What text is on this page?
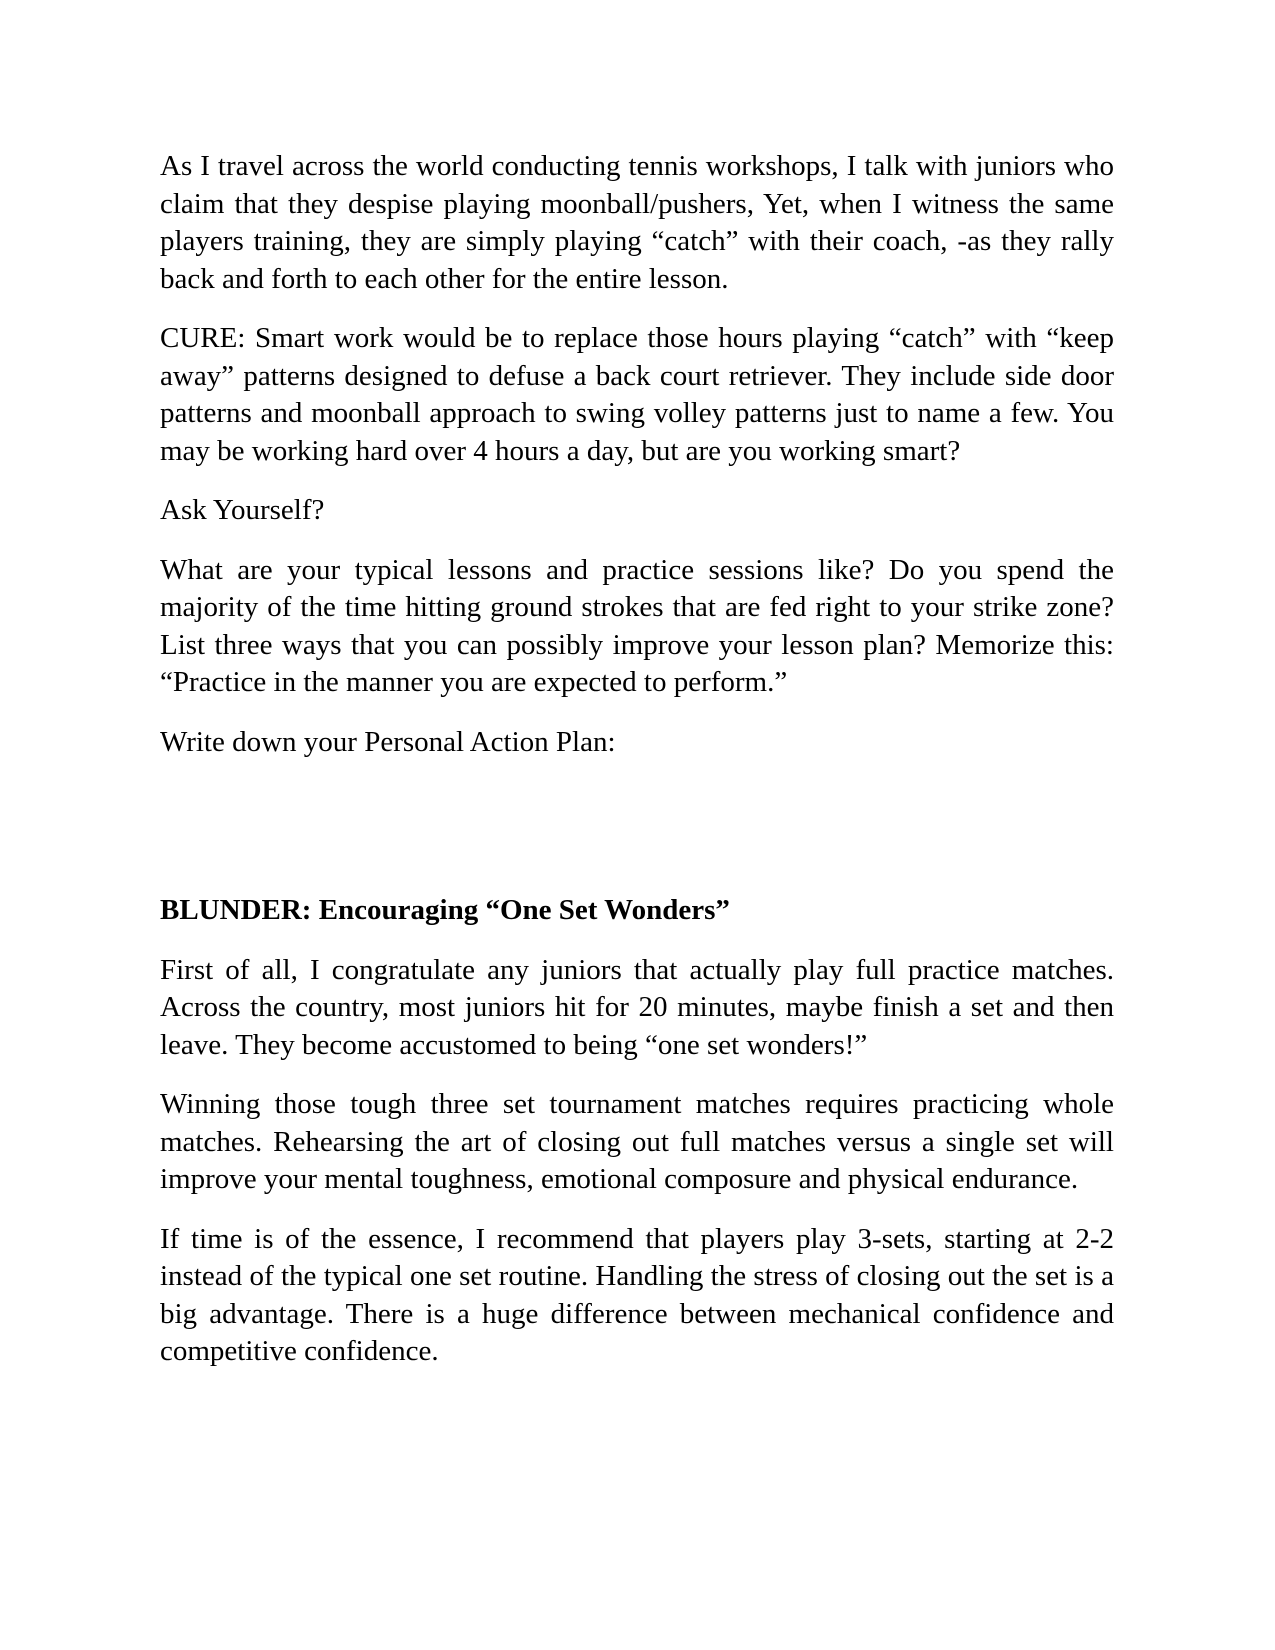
As I travel across the world conducting tennis workshops, I talk with juniors who claim that they despise playing moonball/pushers, Yet, when I witness the same players training, they are simply playing “catch” with their coach, -as they rally back and forth to each other for the entire lesson.

CURE: Smart work would be to replace those hours playing “catch” with “keep away” patterns designed to defuse a back court retriever. They include side door patterns and moonball approach to swing volley patterns just to name a few. You may be working hard over 4 hours a day, but are you working smart?

Ask Yourself?

What are your typical lessons and practice sessions like? Do you spend the majority of the time hitting ground strokes that are fed right to your strike zone? List three ways that you can possibly improve your lesson plan? Memorize this: “Practice in the manner you are expected to perform.”

Write down your Personal Action Plan:

BLUNDER: Encouraging “One Set Wonders”

First of all, I congratulate any juniors that actually play full practice matches. Across the country, most juniors hit for 20 minutes, maybe finish a set and then leave. They become accustomed to being “one set wonders!”

Winning those tough three set tournament matches requires practicing whole matches. Rehearsing the art of closing out full matches versus a single set will improve your mental toughness, emotional composure and physical endurance.

If time is of the essence, I recommend that players play 3-sets, starting at 2-2 instead of the typical one set routine. Handling the stress of closing out the set is a big advantage. There is a huge difference between mechanical confidence and competitive confidence.
